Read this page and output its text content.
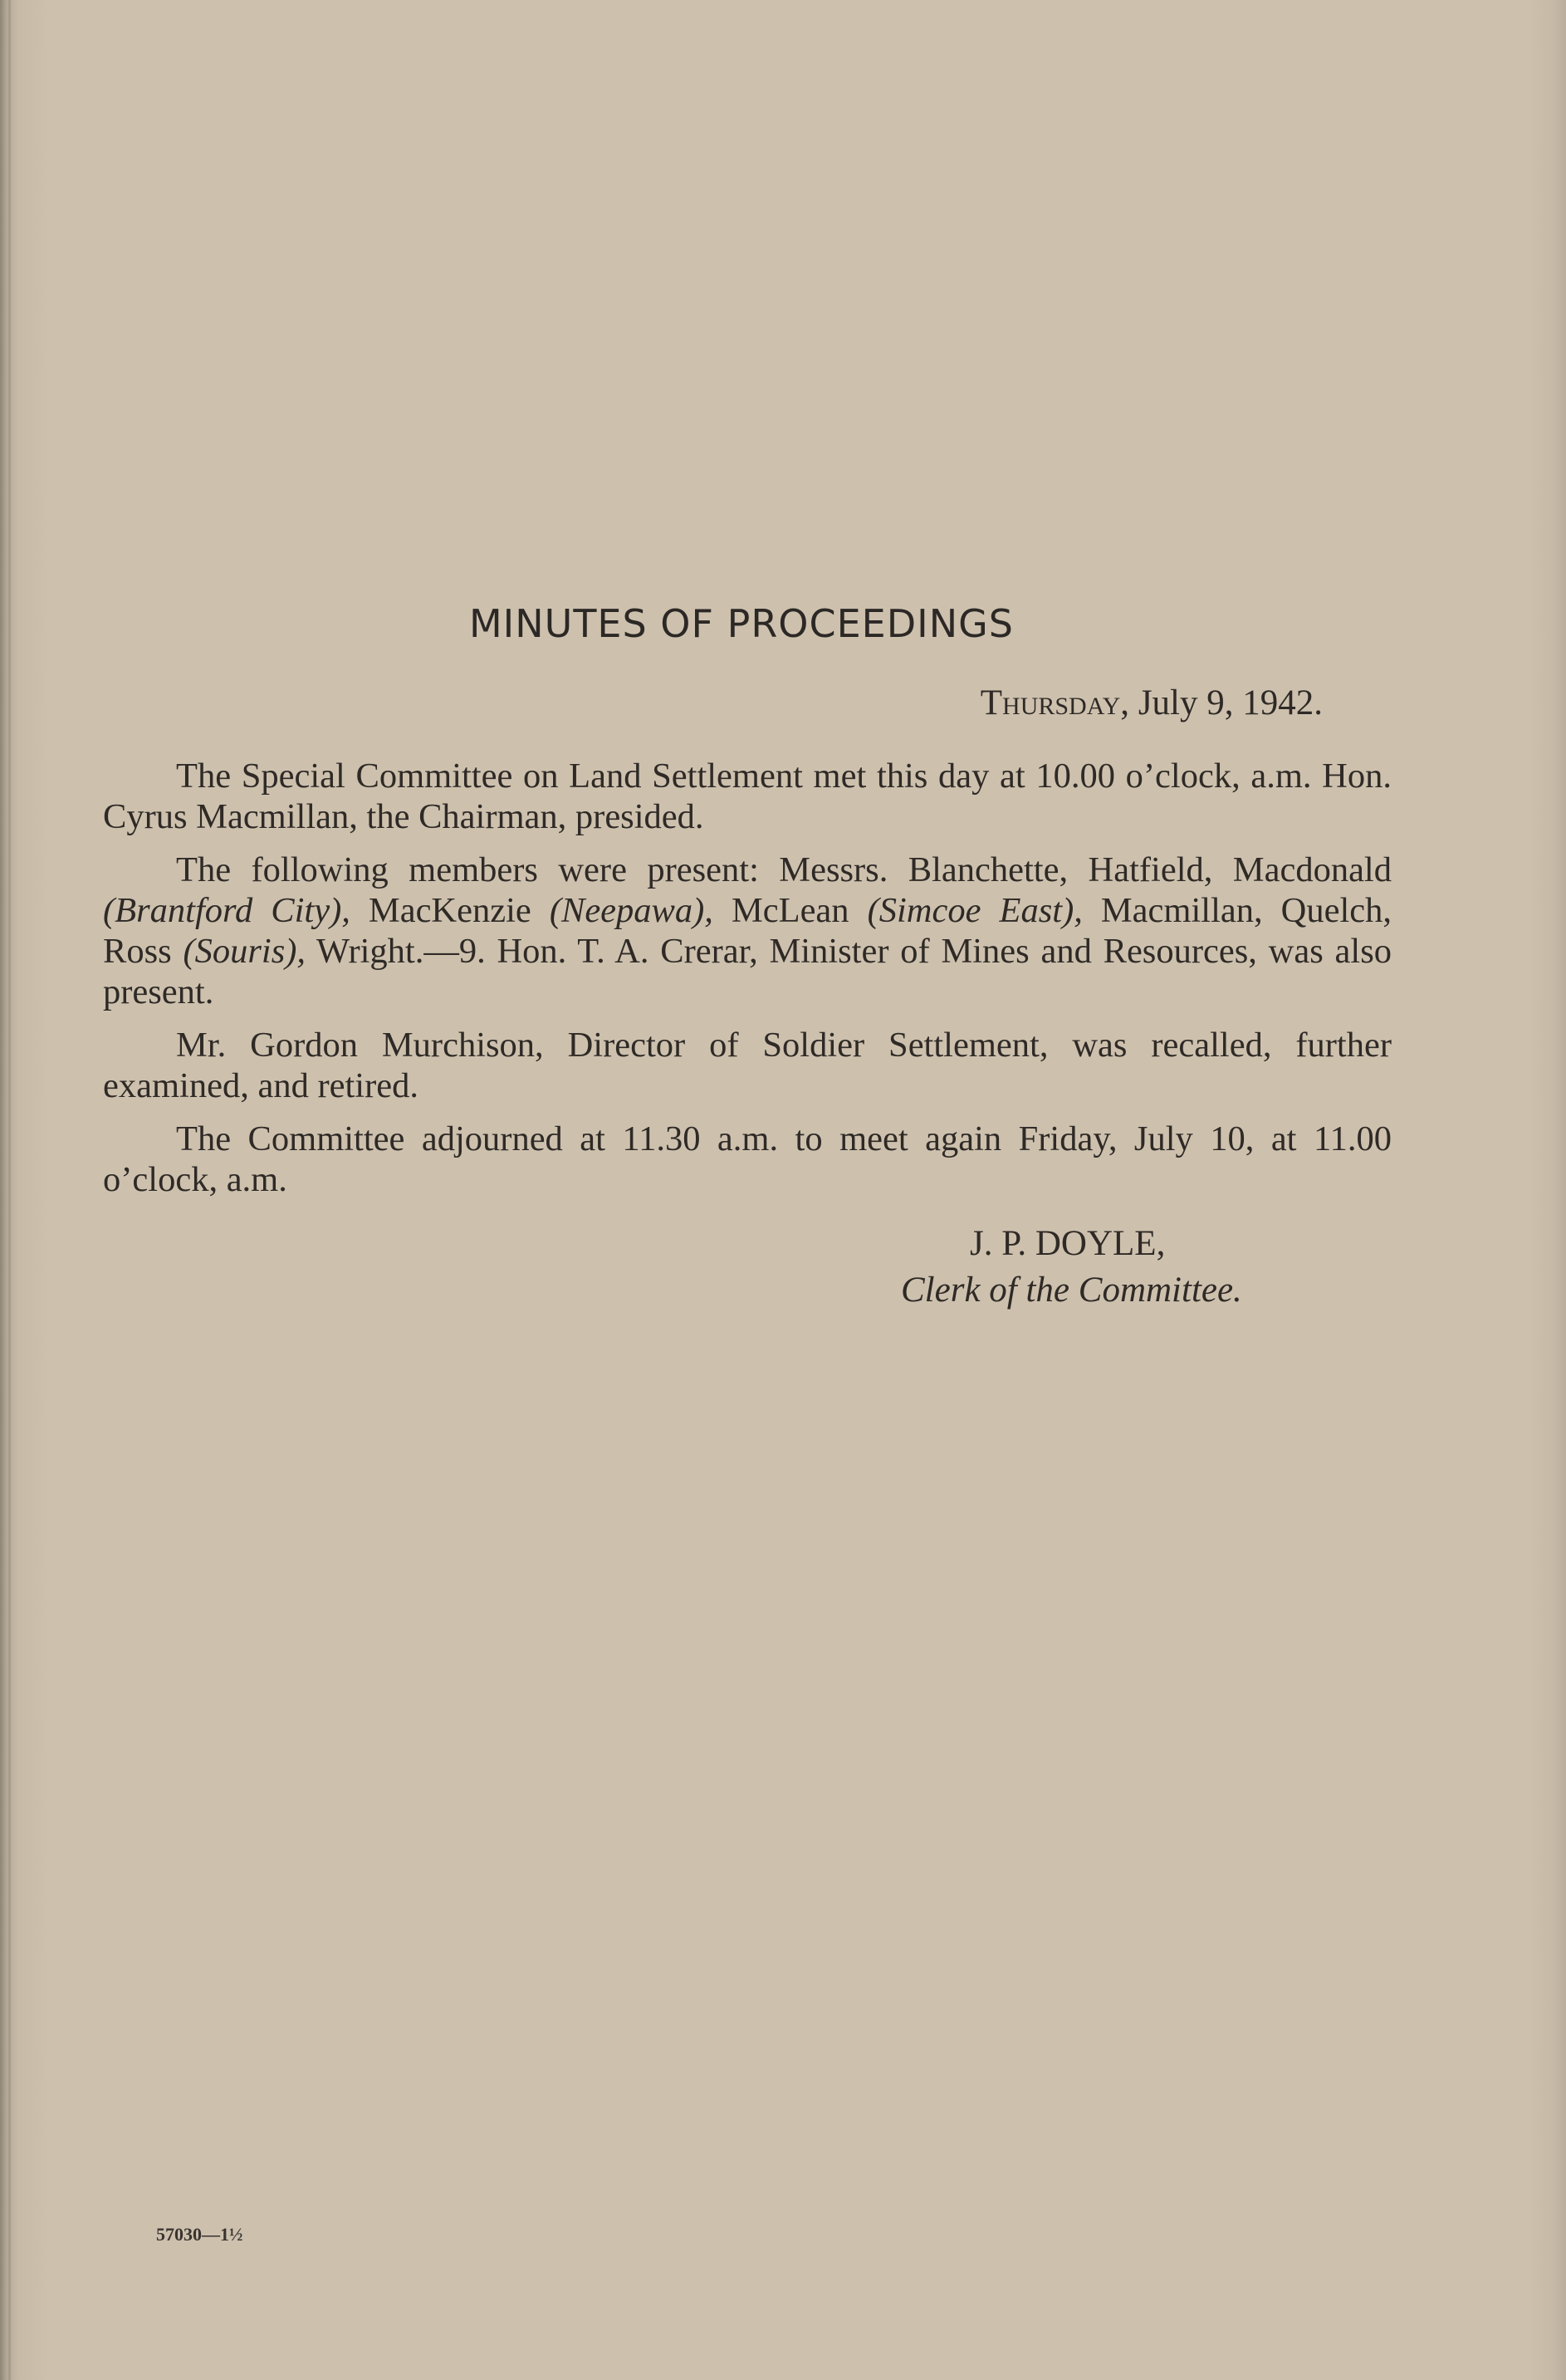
MINUTES OF PROCEEDINGS
Thursday, July 9, 1942.

The Special Committee on Land Settlement met this day at 10.00 o’clock, a.m. Hon. Cyrus Macmillan, the Chairman, presided.

The following members were present: Messrs. Blanchette, Hatfield, Macdonald (Brantford City), MacKenzie (Neepawa), McLean (Simcoe East), Macmillan, Quelch, Ross (Souris), Wright.—9. Hon. T. A. Crerar, Minister of Mines and Resources, was also present.

Mr. Gordon Murchison, Director of Soldier Settlement, was recalled, further examined, and retired.

The Committee adjourned at 11.30 a.m. to meet again Friday, July 10, at 11.00 o’clock, a.m.

J. P. DOYLE,
Clerk of the Committee.
57030—1½
